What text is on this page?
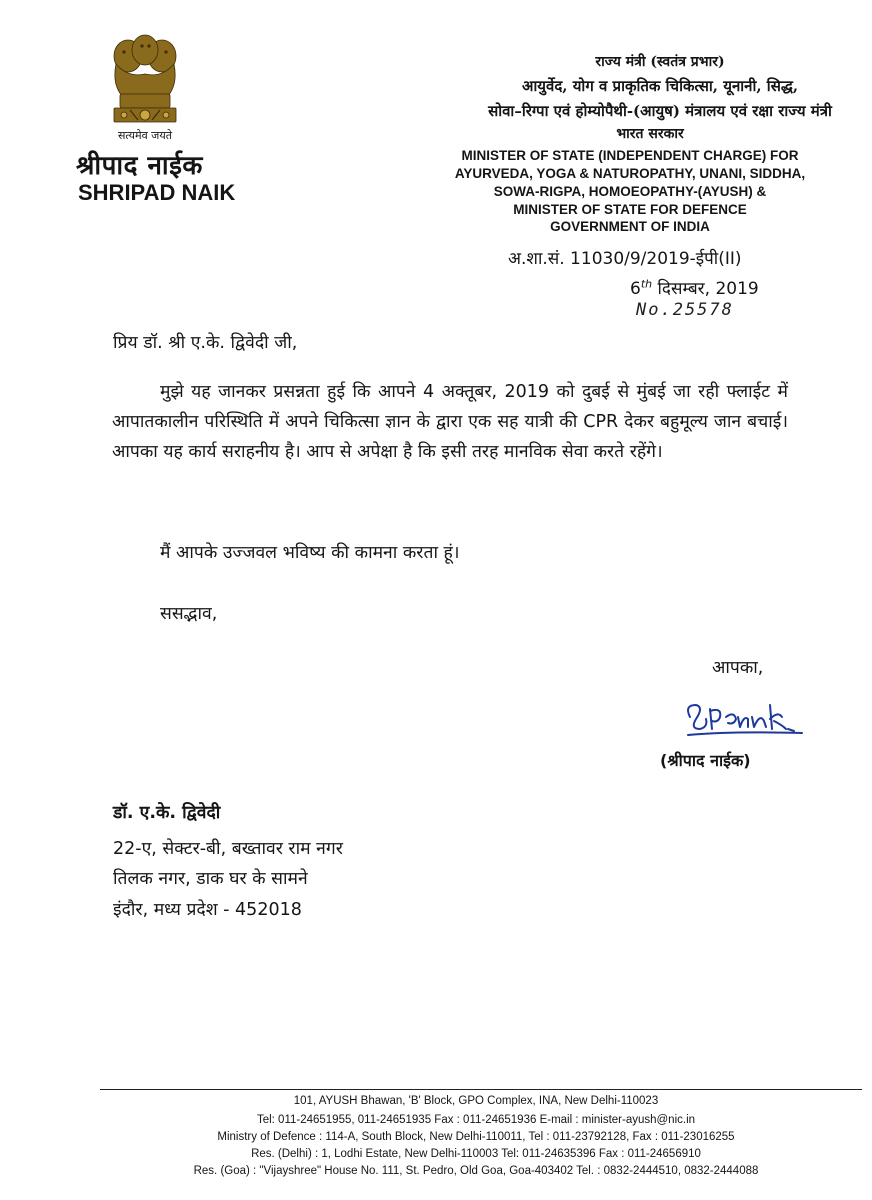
सत्यमेव जयते
श्रीपाद नाईक
SHRIPAD NAIK
राज्य मंत्री (स्वतंत्र प्रभार)
आयुर्वेद, योग व प्राकृतिक चिकित्सा, यूनानी, सिद्ध,
सोवा–रिग्पा एवं होम्योपैथी-(आयुष) मंत्रालय एवं रक्षा राज्य मंत्री
भारत सरकार
MINISTER OF STATE (INDEPENDENT CHARGE) FOR
AYURVEDA, YOGA & NATUROPATHY, UNANI, SIDDHA,
SOWA-RIGPA, HOMOEOPATHY-(AYUSH) &
MINISTER OF STATE FOR DEFENCE
GOVERNMENT OF INDIA
अ.शा.सं. 11030/9/2019-ईपी(II)
6th दिसम्बर, 2019
No.25578
प्रिय डॉ. श्री ए.के. द्विवेदी जी,
मुझे यह जानकर प्रसन्नता हुई कि आपने 4 अक्तूबर, 2019 को दुबई से मुंबई जा रही फ्लाईट में आपातकालीन परिस्थिति में अपने चिकित्सा ज्ञान के द्वारा एक सह यात्री की CPR देकर बहुमूल्य जान बचाई। आपका यह कार्य सराहनीय है। आप से अपेक्षा है कि इसी तरह मानविक सेवा करते रहेंगे।
मैं आपके उज्जवल भविष्य की कामना करता हूं।
ससद्भाव,
आपका,
(श्रीपाद नाईक)
डॉ. ए.के. द्विवेदी
22-ए, सेक्टर-बी, बख्तावर राम नगर
तिलक नगर, डाक घर के सामने
इंदौर, मध्य प्रदेश - 452018
101, AYUSH Bhawan, 'B' Block, GPO Complex, INA, New Delhi-110023
Tel: 011-24651955, 011-24651935 Fax : 011-24651936 E-mail : minister-ayush@nic.in
Ministry of Defence : 114-A, South Block, New Delhi-110011, Tel : 011-23792128, Fax : 011-23016255
Res. (Delhi) : 1, Lodhi Estate, New Delhi-110003 Tel: 011-24635396 Fax : 011-24656910
Res. (Goa) : "Vijayshree" House No. 111, St. Pedro, Old Goa, Goa-403402 Tel. : 0832-2444510, 0832-2444088
